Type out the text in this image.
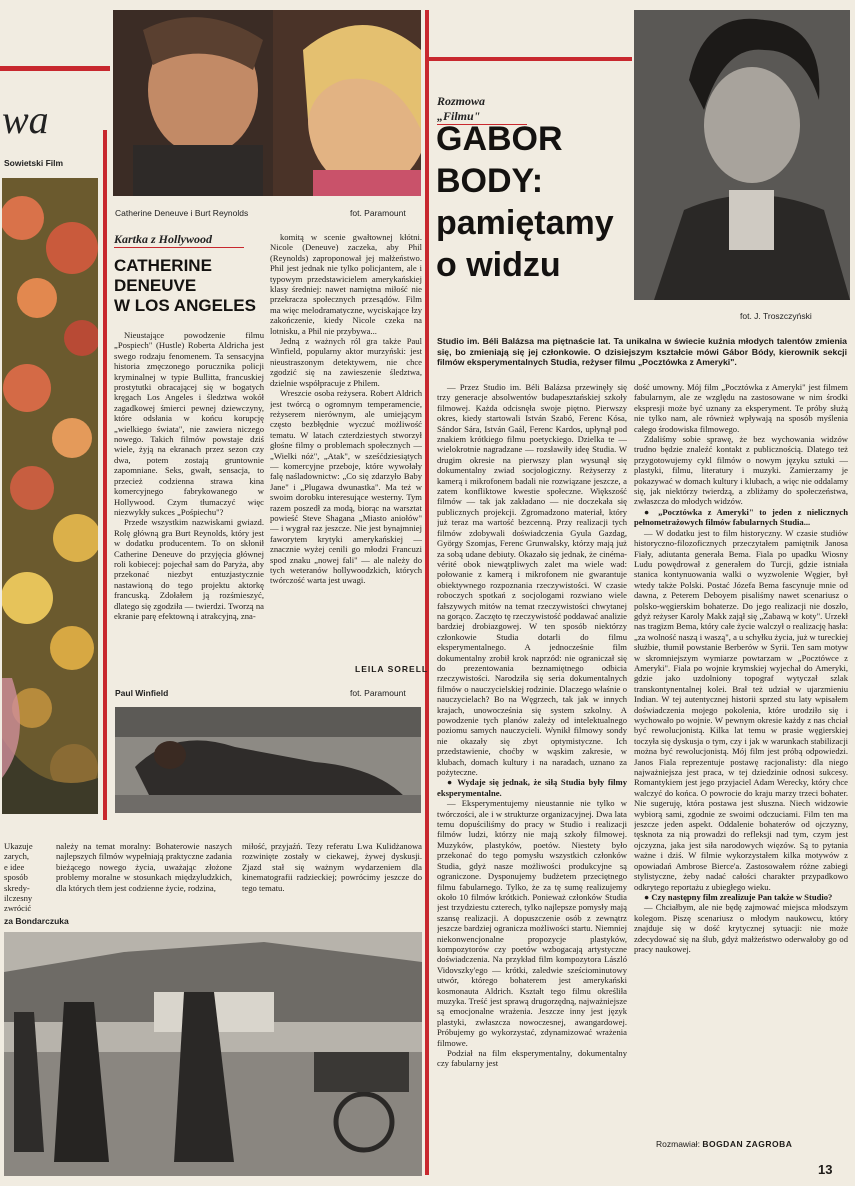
wa
Sowietski Film
Ukazuje
zarych,
e idee
sposób
skredy-
ilczesny
zwrócić
za Bondarczuka
Catherine Deneuve i Burt Reynolds	fot. Paramount
Kartka z Hollywood
CATHERINE
DENEUVE
W LOS ANGELES

Nieustające powodzenie filmu „Pospiech" (Hustle) Roberta Aldricha jest swego rodzaju fenomenem. Ta sensacyjna historia zmęczonego porucznika policji kryminalnej w typie Bullitta, francuskiej prostytutki obracającej się w bogatych kręgach Los Angeles i śledztwa wokół zagadkowej śmierci pewnej dziewczyny, które odsłania w końcu korupcję „wielkiego świata", nie zawiera niczego nowego. Takich filmów powstaje dziś wiele, żyją na ekranach przez sezon czy dwa, potem zostają gruntownie zapomniane. Seks, gwałt, sensacja, to przecież codzienna strawa kina komercyjnego fabrykowanego w Hollywood. Czym tłumaczyć więc niezwykły sukces „Pośpiechu"?

Przede wszystkim nazwiskami gwiazd. Rolę główną gra Burt Reynolds, który jest w dodatku producentem. To on skłonił Catherine Deneuve do przyjęcia głównej roli kobiecej: pojechał sam do Paryża, aby przekonać niezbyt entuzjastycznie nastawioną do tego projektu aktorkę francuską. Zdołałem ją rozśmieszyć, dlatego się zgodziła — twierdzi. Tworzą na ekranie parę efektowną i atrakcyjną, zna-

komitą w scenie gwałtownej kłótni. Nicole (Deneuve) zaczeka, aby Phil (Reynolds) zaproponował jej małżeństwo. Phil jest jednak nie tylko policjantem, ale i typowym przedstawicielem amerykańskiej klasy średniej: nawet namiętna miłość nie przekracza społecznych przesądów. Film ma więc melodramatyczne, wyciskające łzy zakończenie, kiedy Nicole czeka na lotnisku, a Phil nie przybywa...

Jedną z ważnych ról gra także Paul Winfield, popularny aktor murzyński: jest nieustraszonym detektywem, nie chce zgodzić się na zawieszenie śledztwa, dzielnie współpracuje z Philem.

Wreszcie osoba reżysera. Robert Aldrich jest twórcą o ogromnym temperamencie, reżyserem nierównym, ale umiejącym często bezbłędnie wyczuć możliwość tematu. W latach czterdziestych stworzył głośne filmy o problemach społecznych — „Wielki nóż", „Atak", w sześćdziesiątych — komercyjne przeboje, które wywołały falę naśladownictw: „Co się zdarzyło Baby Jane" i „Plugawa dwunastka". Ma też w swoim dorobku interesujące westerny. Tym razem poszedł za modą, biorąc na warsztat powieść Steve Shagana „Miasto aniołów" — i wygrał raz jeszcze. Nie jest bynajmniej faworytem krytyki amerykańskiej — znacznie wyżej cenili go młodzi Francuzi spod znaku „nowej fali" — ale należy do tych weteranów hollywoodzkich, których twórczość warta jest uwagi.

LEILA SORELL
Paul Winfield	fot. Paramount

należy na temat moralny: Bohaterowie naszych najlepszych filmów wypełniają praktyczne zadania bieżącego nowego życia, uważając złożone problemy moralne w stosunkach międzyludzkich, dla których tłem jest codzienne życie, rodzina,

miłość, przyjaźń. Tezy referatu Lwa Kulidżanowa rozwinięte zostały w ciekawej, żywej dyskusji. Zjazd stał się ważnym wydarzeniem dla kinematografii radzieckiej; powrócimy jeszcze do tego tematu.

Rozmowa „Filmu"
GABOR
BODY:
pamiętamy
o widzu
fot. J. Troszczyński
Studio im. Béli Balázsa ma piętnaście lat. Ta unikalna w świecie kuźnia młodych talentów zmienia się, bo zmieniają się jej członkowie. O dzisiejszym kształcie mówi Gábor Bódy, kierownik sekcji filmów eksperymentalnych Studia, reżyser filmu „Pocztówka z Ameryki".

— Przez Studio im. Béli Balázsa przewinęły się trzy generacje absolwentów budapesztańskiej szkoły filmowej. Każda odcisnęła swoje piętno. Pierwszy okres, kiedy startowali István Szabó, Ferenc Kósa, Sándor Sára, István Gaál, Ferenc Kardos, upłynął pod znakiem krótkiego filmu poetyckiego. Dzielka te — wielokrotnie nagradzane — rozsławiły ideę Studia. W drugim okresie na pierwszy plan wysunął się dokumentalny zwiad socjologiczny. Reżyserzy z kamerą i mikrofonem badali nie rozwiązane jeszcze, a zatem konfliktowe kwestie społeczne. Większość filmów — tak jak zakładano — nie doczekała się publicznych projekcji. Zgromadzono materiał, który już teraz ma wartość bezcenną. Przy realizacji tych filmów zdobywali doświadczenia Gyula Gazdag, György Szomjas, Ferenc Grunwalsky, którzy mają już za sobą udane debiuty. Okazało się jednak, że cinéma-vérité obok niewątpliwych zalet ma wiele wad: połowanie z kamerą i mikrofonem nie gwarantuje obiektywnego rozpoznania rzeczywistości. W czasie roboczych spotkań z socjologami rozwiano wiele fałszywych mitów na temat rzeczywistości chwytanej na gorąco. Zaczęto tę rzeczywistość poddawać analizie bardziej drobiazgowej. W ten sposób niektórzy członkowie Studia dotarli do filmu eksperymentalnego. A jednocześnie film dokumentalny zrobił krok naprzód: nie ograniczał się do prezentowania beznamiętnego odbicia rzeczywistości. Narodziła się seria dokumentalnych filmów o nauczycielskiej rodzinie. Dlaczego właśnie o nauczycielach? Bo na Węgrzech, tak jak w innych krajach, unowocześnia się system szkolny. A powodzenie tych planów zależy od intelektualnego poziomu samych nauczycieli. Wynikł filmowy sondy nie okazały się zbyt optymistyczne. Ich przedstawienie, choćby w wąskim zakresie, w klubach, domach kultury i na naradach, uznano za pożyteczne.

● Wydaje się jednak, że siłą Studia były filmy eksperymentalne.

— Eksperymentujemy nieustannie nie tylko w twórczości, ale i w strukturze organizacyjnej. Dwa lata temu dopuściliśmy do pracy w Studio i realizacji filmów ludzi, którzy nie mają szkoły filmowej. Muzyków, plastyków, poetów. Niestety było przekonać do tego pomysłu wszystkich członków Studia, gdyż nasze możliwości produkcyjne są ograniczone. Dysponujemy budżetem przeciętnego filmu fabularnego. Tylko, że za tę sumę realizujemy około 10 filmów krótkich. Ponieważ członków Studia jest trzydziestu czterech, tylko najlepsze pomysły mają szansę realizacji. A dopuszczenie osób z zewnątrz jeszcze bardziej ogranicza możliwości startu. Niemniej niekonwencjonalne propozycje plastyków, kompozytorów czy poetów wzbogacają artystyczne doświadczenia. Na przykład film kompozytora László Vidovszky'ego — krótki, zaledwie sześciominutowy utwór, którego bohaterem jest amerykański kosmonauta Aldrich. Kształt tego filmu określiła muzyka. Treść jest sprawą drugorzędną, najważniejsze są emocjonalne wrażenia. Jeszcze inny jest język plastyki, zwłaszcza nowoczesnej, awangardowej. Próbujemy go wykorzystać, zdynamizować wrażenia filmowe.

Podział na film eksperymentalny, dokumentalny czy fabularny jest

dość umowny. Mój film „Pocztówka z Ameryki" jest filmem fabularnym, ale ze względu na zastosowane w nim środki ekspresji może być uznany za eksperyment. Te próby służą nie tylko nam, ale również wpływają na sposób myślenia całego środowiska filmowego.

Zdaliśmy sobie sprawę, że bez wychowania widzów trudno będzie znaleźć kontakt z publicznością. Dlatego też przygotowujemy cykl filmów o nowym języku sztuki — plastyki, filmu, literatury i muzyki. Zamierzamy je pokazywać w domach kultury i klubach, a więc nie oddalamy się, jak niektórzy twierdzą, a zbliżamy do społeczeństwa, zwłaszcza do młodych widzów.

● „Pocztówka z Ameryki" to jeden z nielicznych pełnometrażowych filmów fabularnych Studia...

— W dodatku jest to film historyczny. W czasie studiów historyczno-filozoficznych przeczytałem pamiętnik Janosa Fiały, adiutanta generała Bema. Fiala po upadku Wiosny Ludu powędrował z generałem do Turcji, gdzie istniała stanica kontynuowania walki o wyzwolenie Węgier, był wtedy także Polski. Postać Józefa Bema fascynuje mnie od dawna, z Peterem Deboyem pisaliśmy nawet scenariusz o polsko-węgierskim bohaterze. Do jego realizacji nie doszło, gdyż reżyser Karoly Makk zajął się „Zabawą w koty". Urzekł nas tragizm Bema, który całe życie walczył o realizację hasła: „za wolność naszą i waszą", a u schyłku życia, już w tureckiej służbie, tłumił powstanie Berberów w Syrii. Ten sam motyw w skromniejszym wymiarze powtarzam w „Pocztówce z Ameryki". Fiala po wojnie krymskiej wyjechał do Ameryki, gdzie jako uzdolniony topograf wytyczał szlak transkontynentalnej kolei. Brał też udział w ujarzmieniu Indian. W tej autentycznej historii sprzed stu laty wpisałem doświadczenia mojego pokolenia, które urodziło się i wychowało po wojnie. W pewnym okresie każdy z nas chciał być rewolucjonistą. Kilka lat temu w prasie węgierskiej toczyła się dyskusja o tym, czy i jak w warunkach stabilizacji można być rewolucjonistą. Mój film jest próbą odpowiedzi. Janos Fiala reprezentuje postawę racjonalisty: dla niego najważniejsza jest praca, w tej dziedzinie odnosi sukcesy. Romantykiem jest jego przyjaciel Adam Werecky, który chce walczyć do końca. O powrocie do kraju marzy trzeci bohater. Nie sugeruję, która postawa jest słuszna. Niech widzowie wybiorą sami, zgodnie ze swoimi odczuciami. Film ten ma jeszcze jeden aspekt. Oddalenie bohaterów od ojczyzny, tęsknota za nią prowadzi do refleksji nad tym, czym jest ojczyzna, jaka jest siła narodowych więzów. Są to pytania ważne i dziś. W filmie wykorzystałem kilka motywów z opowiadań Ambrose Bierce'a. Zastosowałem różne zabiegi stylistyczne, żeby nadać całości charakter przypadkowo odkrytego reportażu z ubiegłego wieku.

● Czy następny film zrealizuje Pan także w Studio?

— Chciałbym, ale nie będę zajmować miejsca młodszym kolegom. Piszę scenariusz o młodym naukowcu, który znajduje się w dość krytycznej sytuacji: nie może zdecydować się na ślub, gdyż małżeństwo oderwałoby go od pracy naukowej.

Rozmawiał: BOGDAN ZAGROBA
13
